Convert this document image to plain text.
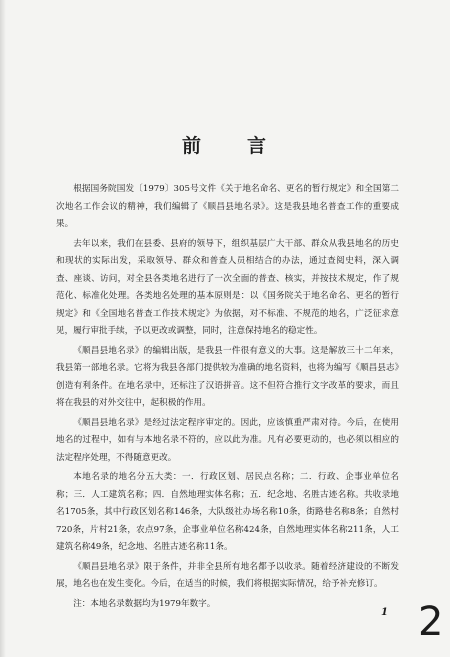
前 言

根据国务院国发〔1979〕305号文件《关于地名命名、更名的暂行规定》和全国第二次地名工作会议的精神，我们编辑了《顺昌县地名录》。这是我县地名普查工作的重要成果。

去年以来，我们在县委、县府的领导下，组织基层广大干部、群众从我县地名的历史和现状的实际出发，采取领导、群众和普查人员相结合的办法，通过查阅史料，深入调查、座谈、访问，对全县各类地名进行了一次全面的普查、核实，并按技术规定，作了规范化、标准化处理。各类地名处理的基本原则是：以《国务院关于地名命名、更名的暂行规定》和《全国地名普查工作技术规定》为依据，对不标准、不规范的地名，广泛征求意见，履行审批手续，予以更改或调整，同时，注意保持地名的稳定性。

《顺昌县地名录》的编辑出版，是我县一件很有意义的大事。这是解放三十二年来，我县第一部地名录。它将为我县各部门提供较为准确的地名资料，也将为编写《顺昌县志》创造有利条件。在地名录中，还标注了汉语拼音。这不但符合推行文字改革的要求，而且将在我县的对外交往中，起积极的作用。

《顺昌县地名录》是经过法定程序审定的。因此，应该慎重严肃对待。今后，在使用地名的过程中，如有与本地名录不符的，应以此为准。凡有必要更动的，也必须以相应的法定程序处理，不得随意更改。

本地名录的地名分五大类：一．行政区划、居民点名称；二．行政、企事业单位名称；三．人工建筑名称；四．自然地理实体名称；五．纪念地、名胜古迹名称。共收录地名1705条，其中行政区划名称146条，大队级社办场名称10条，街路巷名称8条；自然村720条，片村21条，农点97条，企事业单位名称424条，自然地理实体名称211条，人工建筑名称49条，纪念地、名胜古迹名称11条。

《顺昌县地名录》限于条件，并非全县所有地名都予以收录。随着经济建设的不断发展，地名也在发生变化。今后，在适当的时候，我们将根据实际情况，给予补充修订。

注：本地名录数据均为1979年数字。

1 2
